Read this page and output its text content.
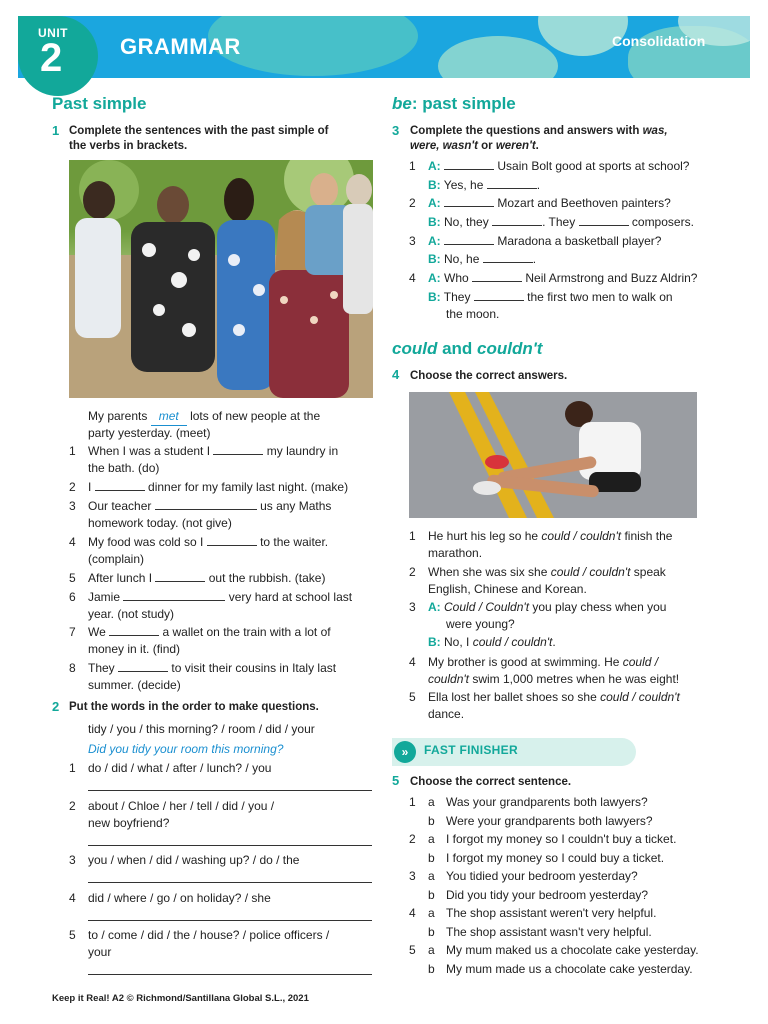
UNIT
2	GRAMMAR	Consolidation
Past simple
1 Complete the sentences with the past simple of
the verbs in brackets.
My parents met lots of new people at the
party yesterday. (meet)
1 When I was a student I	my laundry in
the bath. (do)
2 I	dinner for my family last night. (make)
3 Our teacher	us any Maths
homework today. (not give)
4 My food was cold so I	to the waiter.
(complain)
5 After lunch I	out the rubbish. (take)
6 Jamie	very hard at school last
year. (not study)
7 We	a wallet on the train with a lot of
money in it. (find)
8 They	to visit their cousins in Italy last
summer. (decide)
2 Put the words in the order to make questions.
tidy / you / this morning? / room / did / your
Did you tidy your room this morning?
1 do / did / what / after / lunch? / you
2 about / Chloe / her / tell / did / you /
new boyfriend?
3 you / when / did / washing up? / do / the
4 did / where / go / on holiday? / she
5 to / come / did / the / house? / police officers /
your
be: past simple
3 Complete the questions and answers with was,
were, wasn't or weren't.
1 A:	Usain Bolt good at sports at school?
B: Yes, he	.
2 A:	Mozart and Beethoven painters?
B: No, they	. They	composers.
3 A:	Maradona a basketball player?
B: No, he	.
4 A: Who	Neil Armstrong and Buzz Aldrin?
B: They	the first two men to walk on
the moon.
could and couldn't
4 Choose the correct answers.
1 He hurt his leg so he could / couldn't finish the
marathon.
2 When she was six she could / couldn't speak
English, Chinese and Korean.
3 A: Could / Couldn't you play chess when you
were young?
B: No, I could / couldn't.
4 My brother is good at swimming. He could /
couldn't swim 1,000 metres when he was eight!
5 Ella lost her ballet shoes so she could / couldn't
dance.
»	FAST FINISHER
5 Choose the correct sentence.
1 a Was your grandparents both lawyers?
b Were your grandparents both lawyers?
2 a I forgot my money so I couldn't buy a ticket.
b I forgot my money so I could buy a ticket.
3 a You tidied your bedroom yesterday?
b Did you tidy your bedroom yesterday?
4 a The shop assistant weren't very helpful.
b The shop assistant wasn't very helpful.
5 a My mum maked us a chocolate cake yesterday.
b My mum made us a chocolate cake yesterday.
Keep it Real! A2 © Richmond/Santillana Global S.L., 2021
